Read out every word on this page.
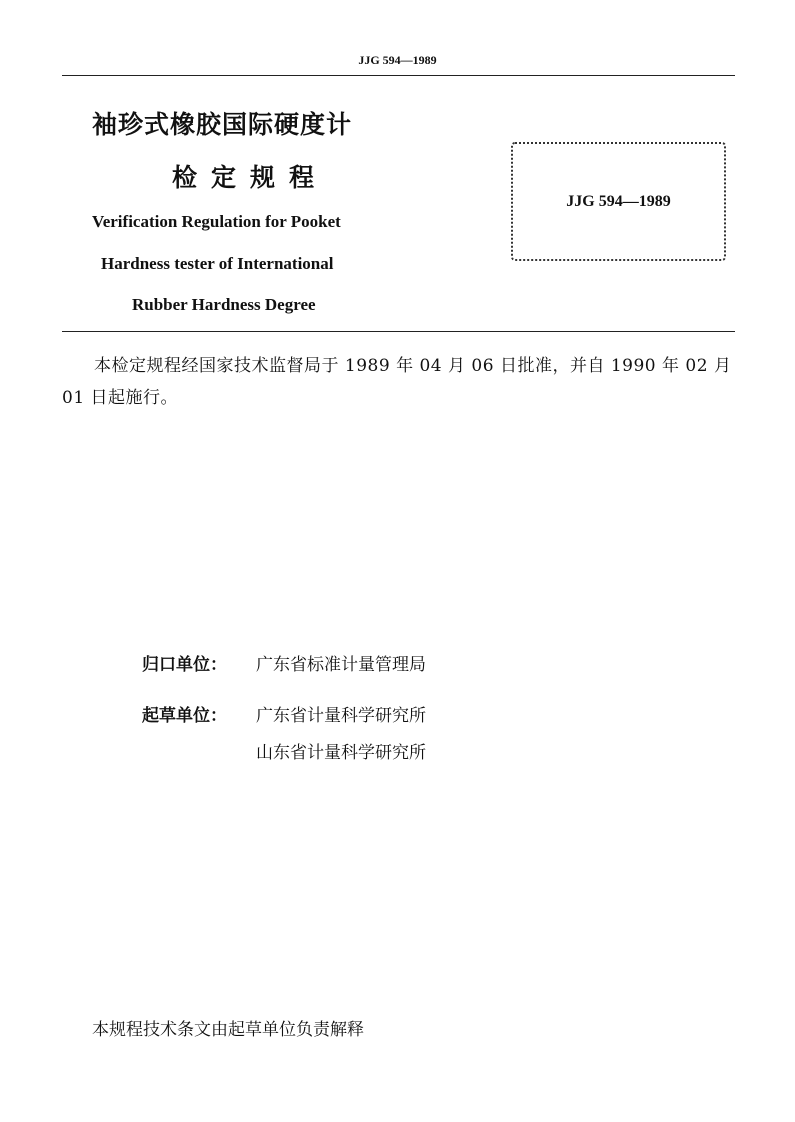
JJG 594—1989
袖珍式橡胶国际硬度计
检定规程
Verification Regulation for Pooket
Hardness tester of International
Rubber Hardness Degree
JJG 594—1989
本检定规程经国家技术监督局于 1989 年 04 月 06 日批准，并自 1990 年 02 月 01 日起施行。
归口单位： 广东省标准计量管理局
起草单位： 广东省计量科学研究所
山东省计量科学研究所
本规程技术条文由起草单位负责解释
